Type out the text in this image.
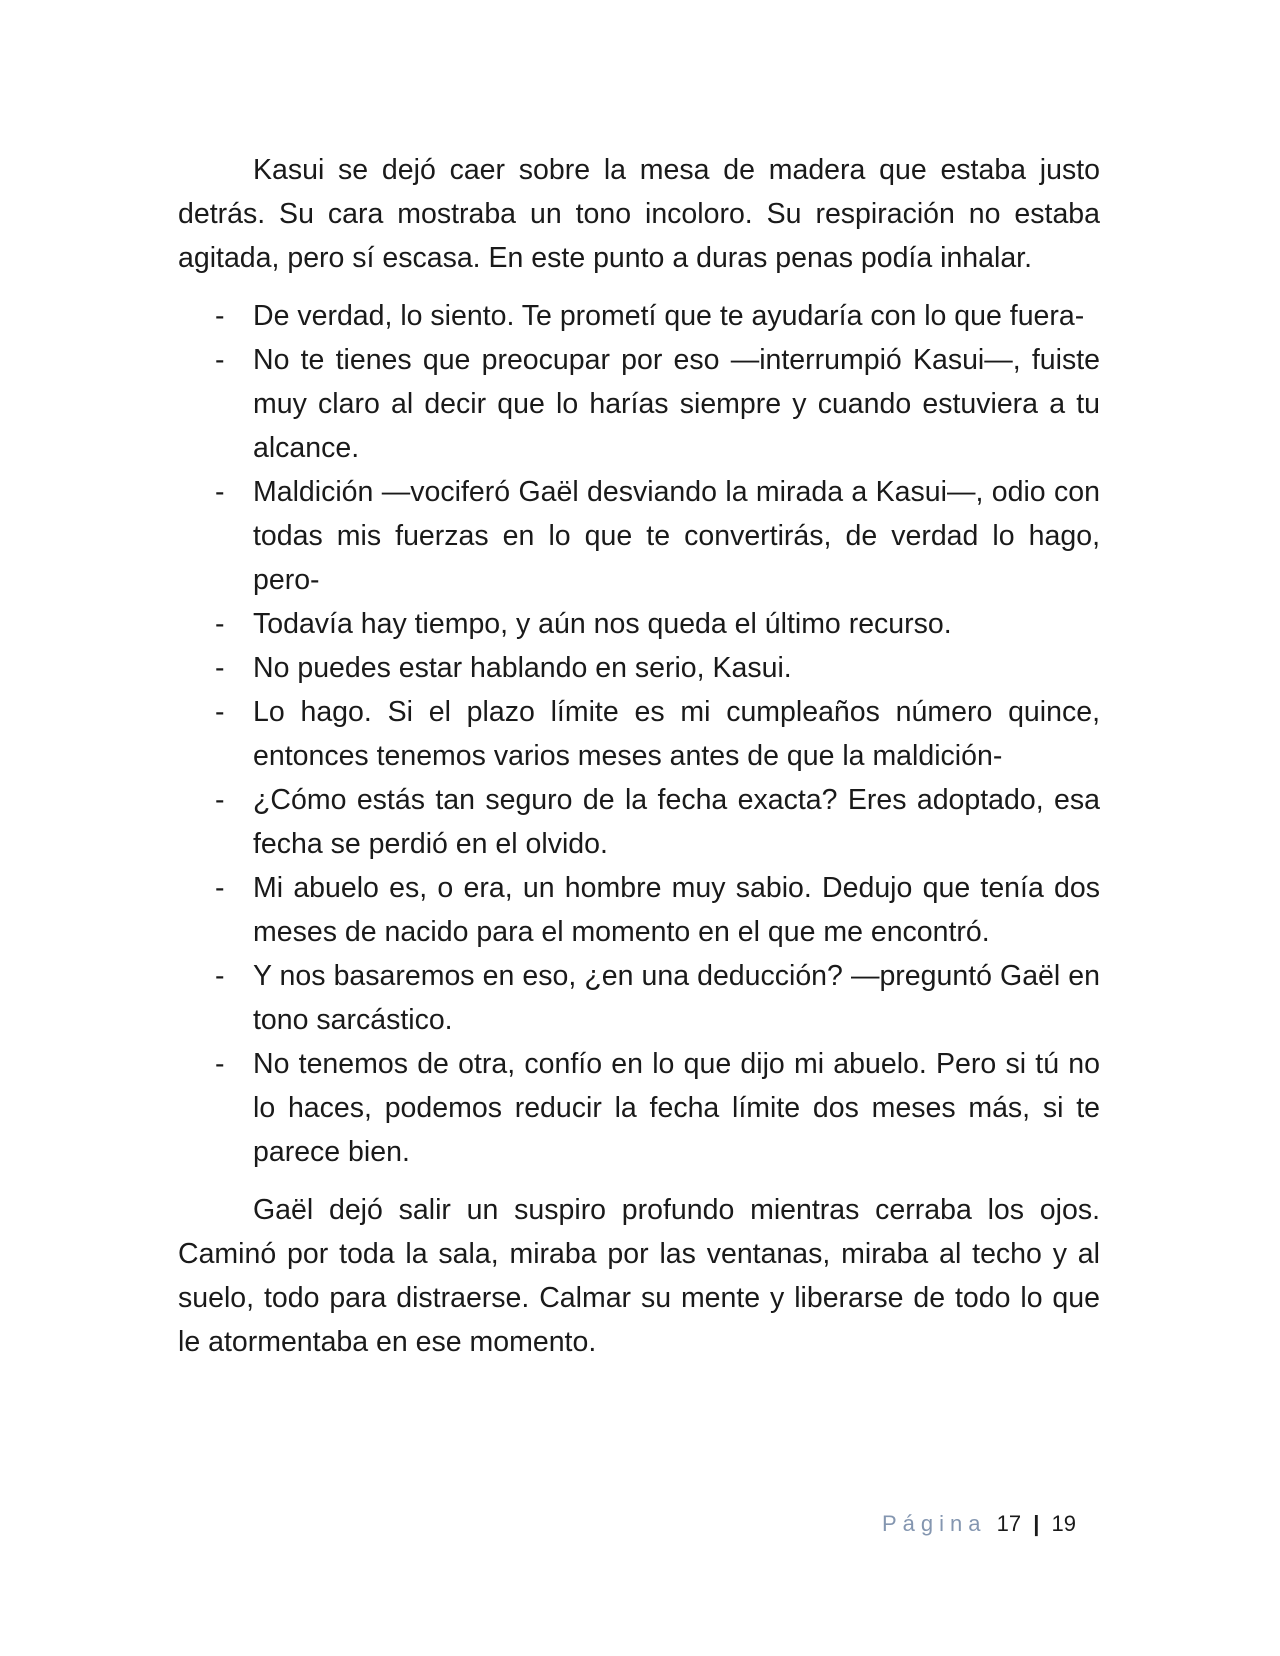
Kasui se dejó caer sobre la mesa de madera que estaba justo detrás. Su cara mostraba un tono incoloro. Su respiración no estaba agitada, pero sí escasa. En este punto a duras penas podía inhalar.

- De verdad, lo siento. Te prometí que te ayudaría con lo que fuera-
- No te tienes que preocupar por eso —interrumpió Kasui—, fuiste muy claro al decir que lo harías siempre y cuando estuviera a tu alcance.
- Maldición —vociferó Gaël desviando la mirada a Kasui—, odio con todas mis fuerzas en lo que te convertirás, de verdad lo hago, pero-
- Todavía hay tiempo, y aún nos queda el último recurso.
- No puedes estar hablando en serio, Kasui.
- Lo hago. Si el plazo límite es mi cumpleaños número quince, entonces tenemos varios meses antes de que la maldición-
- ¿Cómo estás tan seguro de la fecha exacta? Eres adoptado, esa fecha se perdió en el olvido.
- Mi abuelo es, o era, un hombre muy sabio. Dedujo que tenía dos meses de nacido para el momento en el que me encontró.
- Y nos basaremos en eso, ¿en una deducción? —preguntó Gaël en tono sarcástico.
- No tenemos de otra, confío en lo que dijo mi abuelo. Pero si tú no lo haces, podemos reducir la fecha límite dos meses más, si te parece bien.

Gaël dejó salir un suspiro profundo mientras cerraba los ojos. Caminó por toda la sala, miraba por las ventanas, miraba al techo y al suelo, todo para distraerse. Calmar su mente y liberarse de todo lo que le atormentaba en ese momento.

Página 17 | 19
